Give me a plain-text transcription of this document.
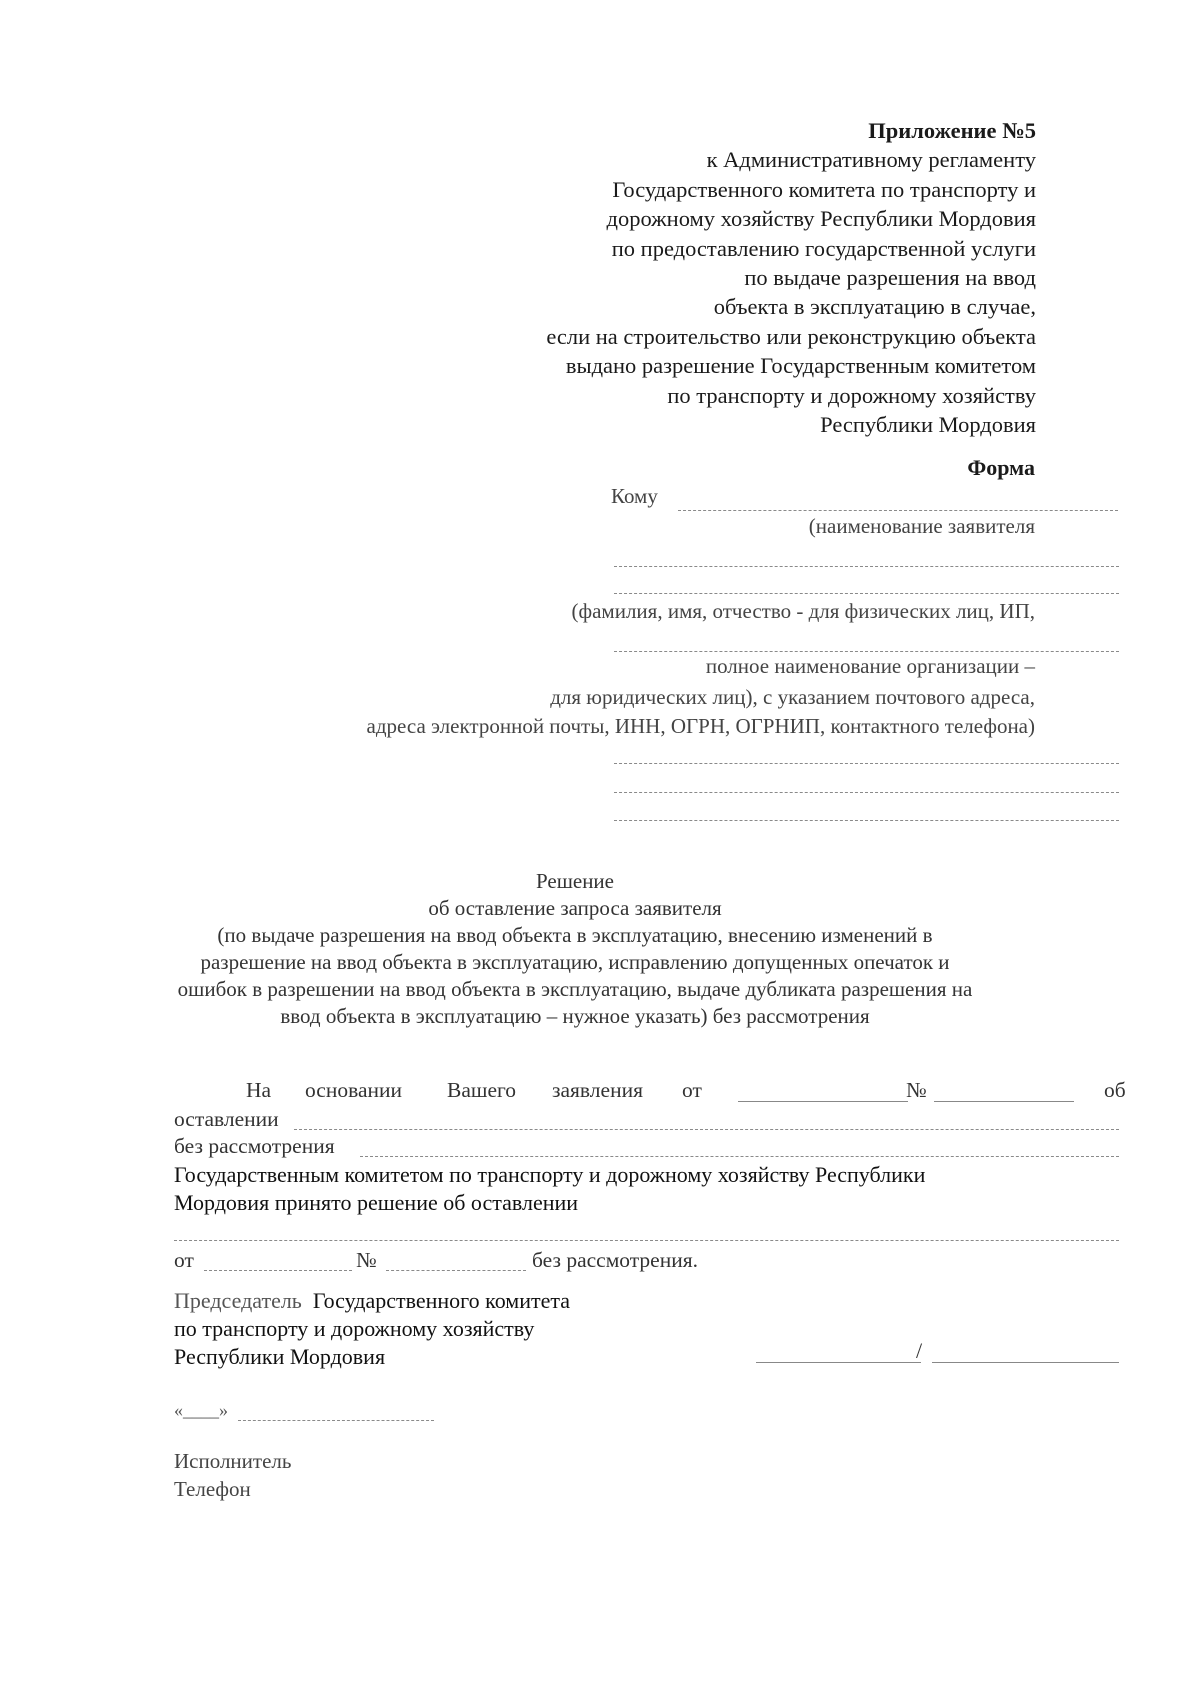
Приложение №5
к Административному регламенту
Государственного комитета по транспорту и
дорожному хозяйству Республики Мордовия
по предоставлению государственной услуги
по выдаче разрешения на ввод
объекта в эксплуатацию в случае,
если на строительство или реконструкцию объекта
выдано разрешение Государственным комитетом
по транспорту и дорожному хозяйству
Республики Мордовия
Форма
Кому
(наименование заявителя
(фамилия, имя, отчество - для физических лиц, ИП,
полное наименование организации –
для юридических лиц), с указанием почтового адреса,
адреса электронной почты, ИНН, ОГРН, ОГРНИП, контактного телефона)
Решение
об оставление запроса заявителя
(по выдаче разрешения на ввод объекта в эксплуатацию, внесению изменений в
разрешение на ввод объекта в эксплуатацию, исправлению допущенных опечаток и
ошибок в разрешении на ввод объекта в эксплуатацию, выдаче дубликата разрешения на
ввод объекта в эксплуатацию – нужное указать) без рассмотрения
На основании Вашего заявления от	№	об
оставлении
без рассмотрения
Государственным комитетом по транспорту и дорожному хозяйству Республики
Мордовия принято решение об оставлении
от	№	без рассмотрения.
Председатель Государственного комитета
по транспорту и дорожному хозяйству
Республики Мордовия	/
«____»
Исполнитель
Телефон
